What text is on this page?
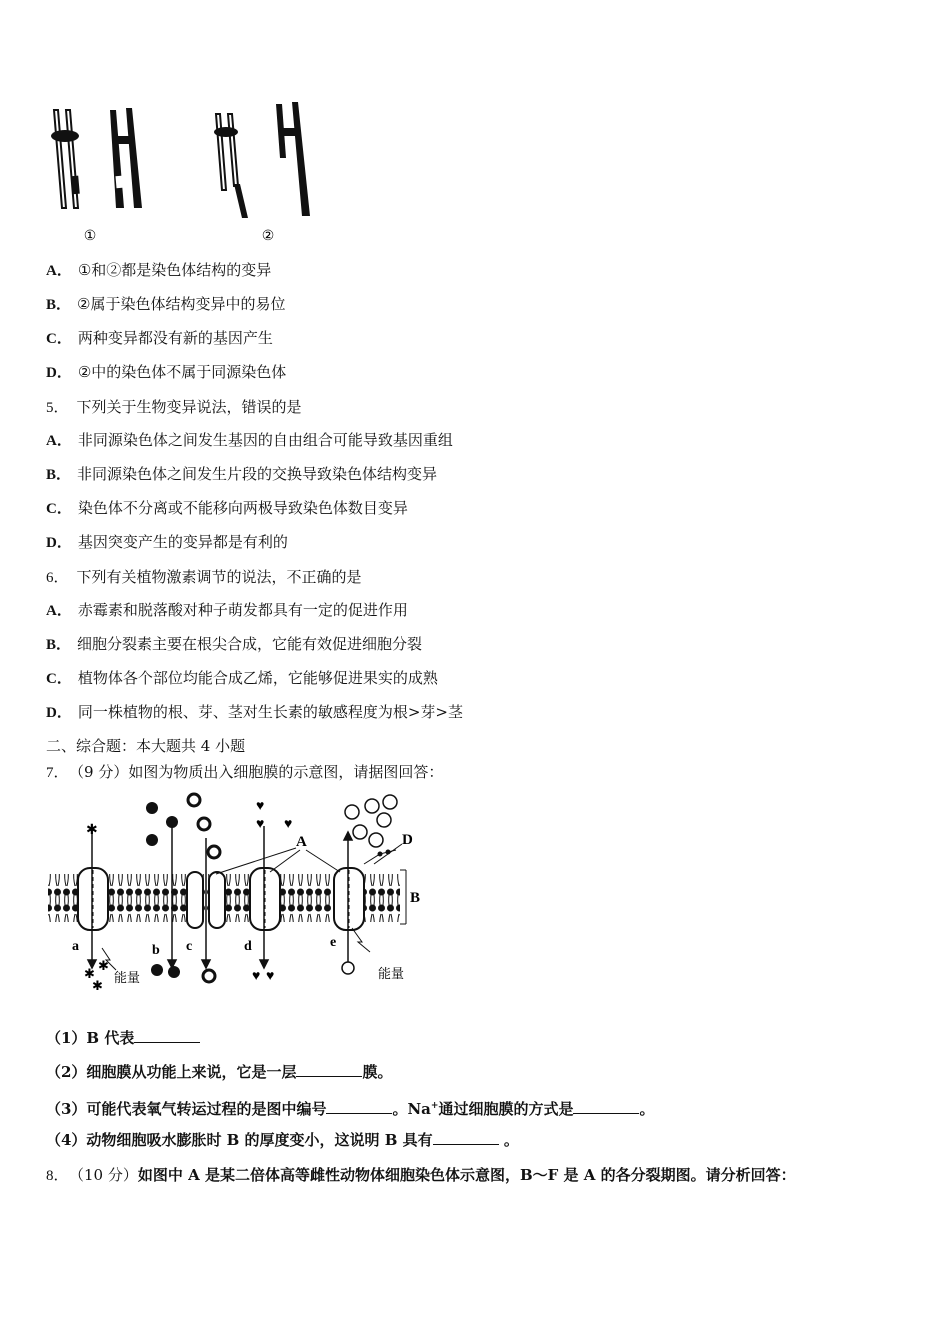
①	②
A． ①和②都是染色体结构的变异
B． ②属于染色体结构变异中的易位
C． 两种变异都没有新的基因产生
D． ②中的染色体不属于同源染色体
5． 下列关于生物变异说法，错误的是
A． 非同源染色体之间发生基因的自由组合可能导致基因重组
B． 非同源染色体之间发生片段的交换导致染色体结构变异
C． 染色体不分离或不能移向两极导致染色体数目变异
D． 基因突变产生的变异都是有利的
6． 下列有关植物激素调节的说法，不正确的是
A． 赤霉素和脱落酸对种子萌发都具有一定的促进作用
B． 细胞分裂素主要在根尖合成，它能有效促进细胞分裂
C． 植物体各个部位均能合成乙烯，它能够促进果实的成熟
D． 同一株植物的根、芽、茎对生长素的敏感程度为根>芽>茎
二、综合题：本大题共 4 小题
7． （9 分）如图为物质出入细胞膜的示意图，请据图回答：
✱
♥
♥ ♥
✱
✱
✱
♥ ♥
A
B
D
a	b c	d	e
能量	能量
（1）B 代表
（2）细胞膜从功能上来说，它是一层	膜。
（3）可能代表氧气转运过程的是图中编号	。Na+通过细胞膜的方式是	。
（4）动物细胞吸水膨胀时 B 的厚度变小，这说明 B 具有	。
8． （10 分）如图中 A 是某二倍体高等雌性动物体细胞染色体示意图，B～F 是 A 的各分裂期图。请分析回答：
